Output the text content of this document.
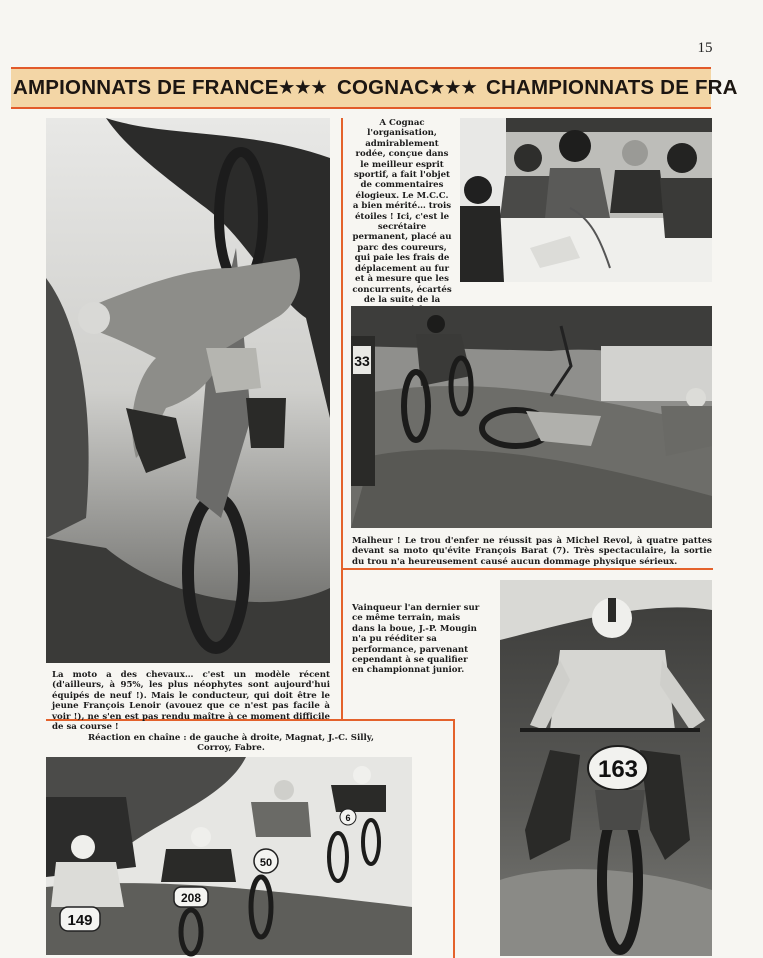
15
AMPIONNATS DE FRANCE ★★★ COGNAC ★★★ CHAMPIONNATS DE FRA
A Cognac l'organisation, admirablement rodée, conçue dans le meilleur esprit sportif, a fait l'objet de commentaires élogieux. Le M.C.C. a bien mérité… trois étoiles ! Ici, c'est le secrétaire permanent, placé au parc des coureurs, qui paie les frais de déplacement au fur et à mesure que les concurrents, écartés de la suite de la
33
Malheur ! Le trou d'enfer ne réussit pas à Michel Revol, à quatre pattes devant sa moto qu'évite François Barat (7). Très spectaculaire, la sortie du trou n'a heureusement causé aucun dommage physique sérieux.
La moto a des chevaux… c'est un modèle récent (d'ailleurs, à 95%, les plus néophytes sont aujourd'hui équipés de neuf !). Mais le conducteur, qui doit être le jeune François Lenoir (avouez que ce n'est pas facile à voir !), ne s'en est pas rendu maître à ce moment difficile de sa course !
Vainqueur l'an dernier sur ce même terrain, mais dans la boue, J.-P. Mougin n'a pu rééditer sa performance, parvenant cependant à se qualifier en championnat junior.
163
Réaction en chaîne : de gauche à droite, Magnat, J.-C. Silly, Corroy, Fabre.
149
208
50
6
